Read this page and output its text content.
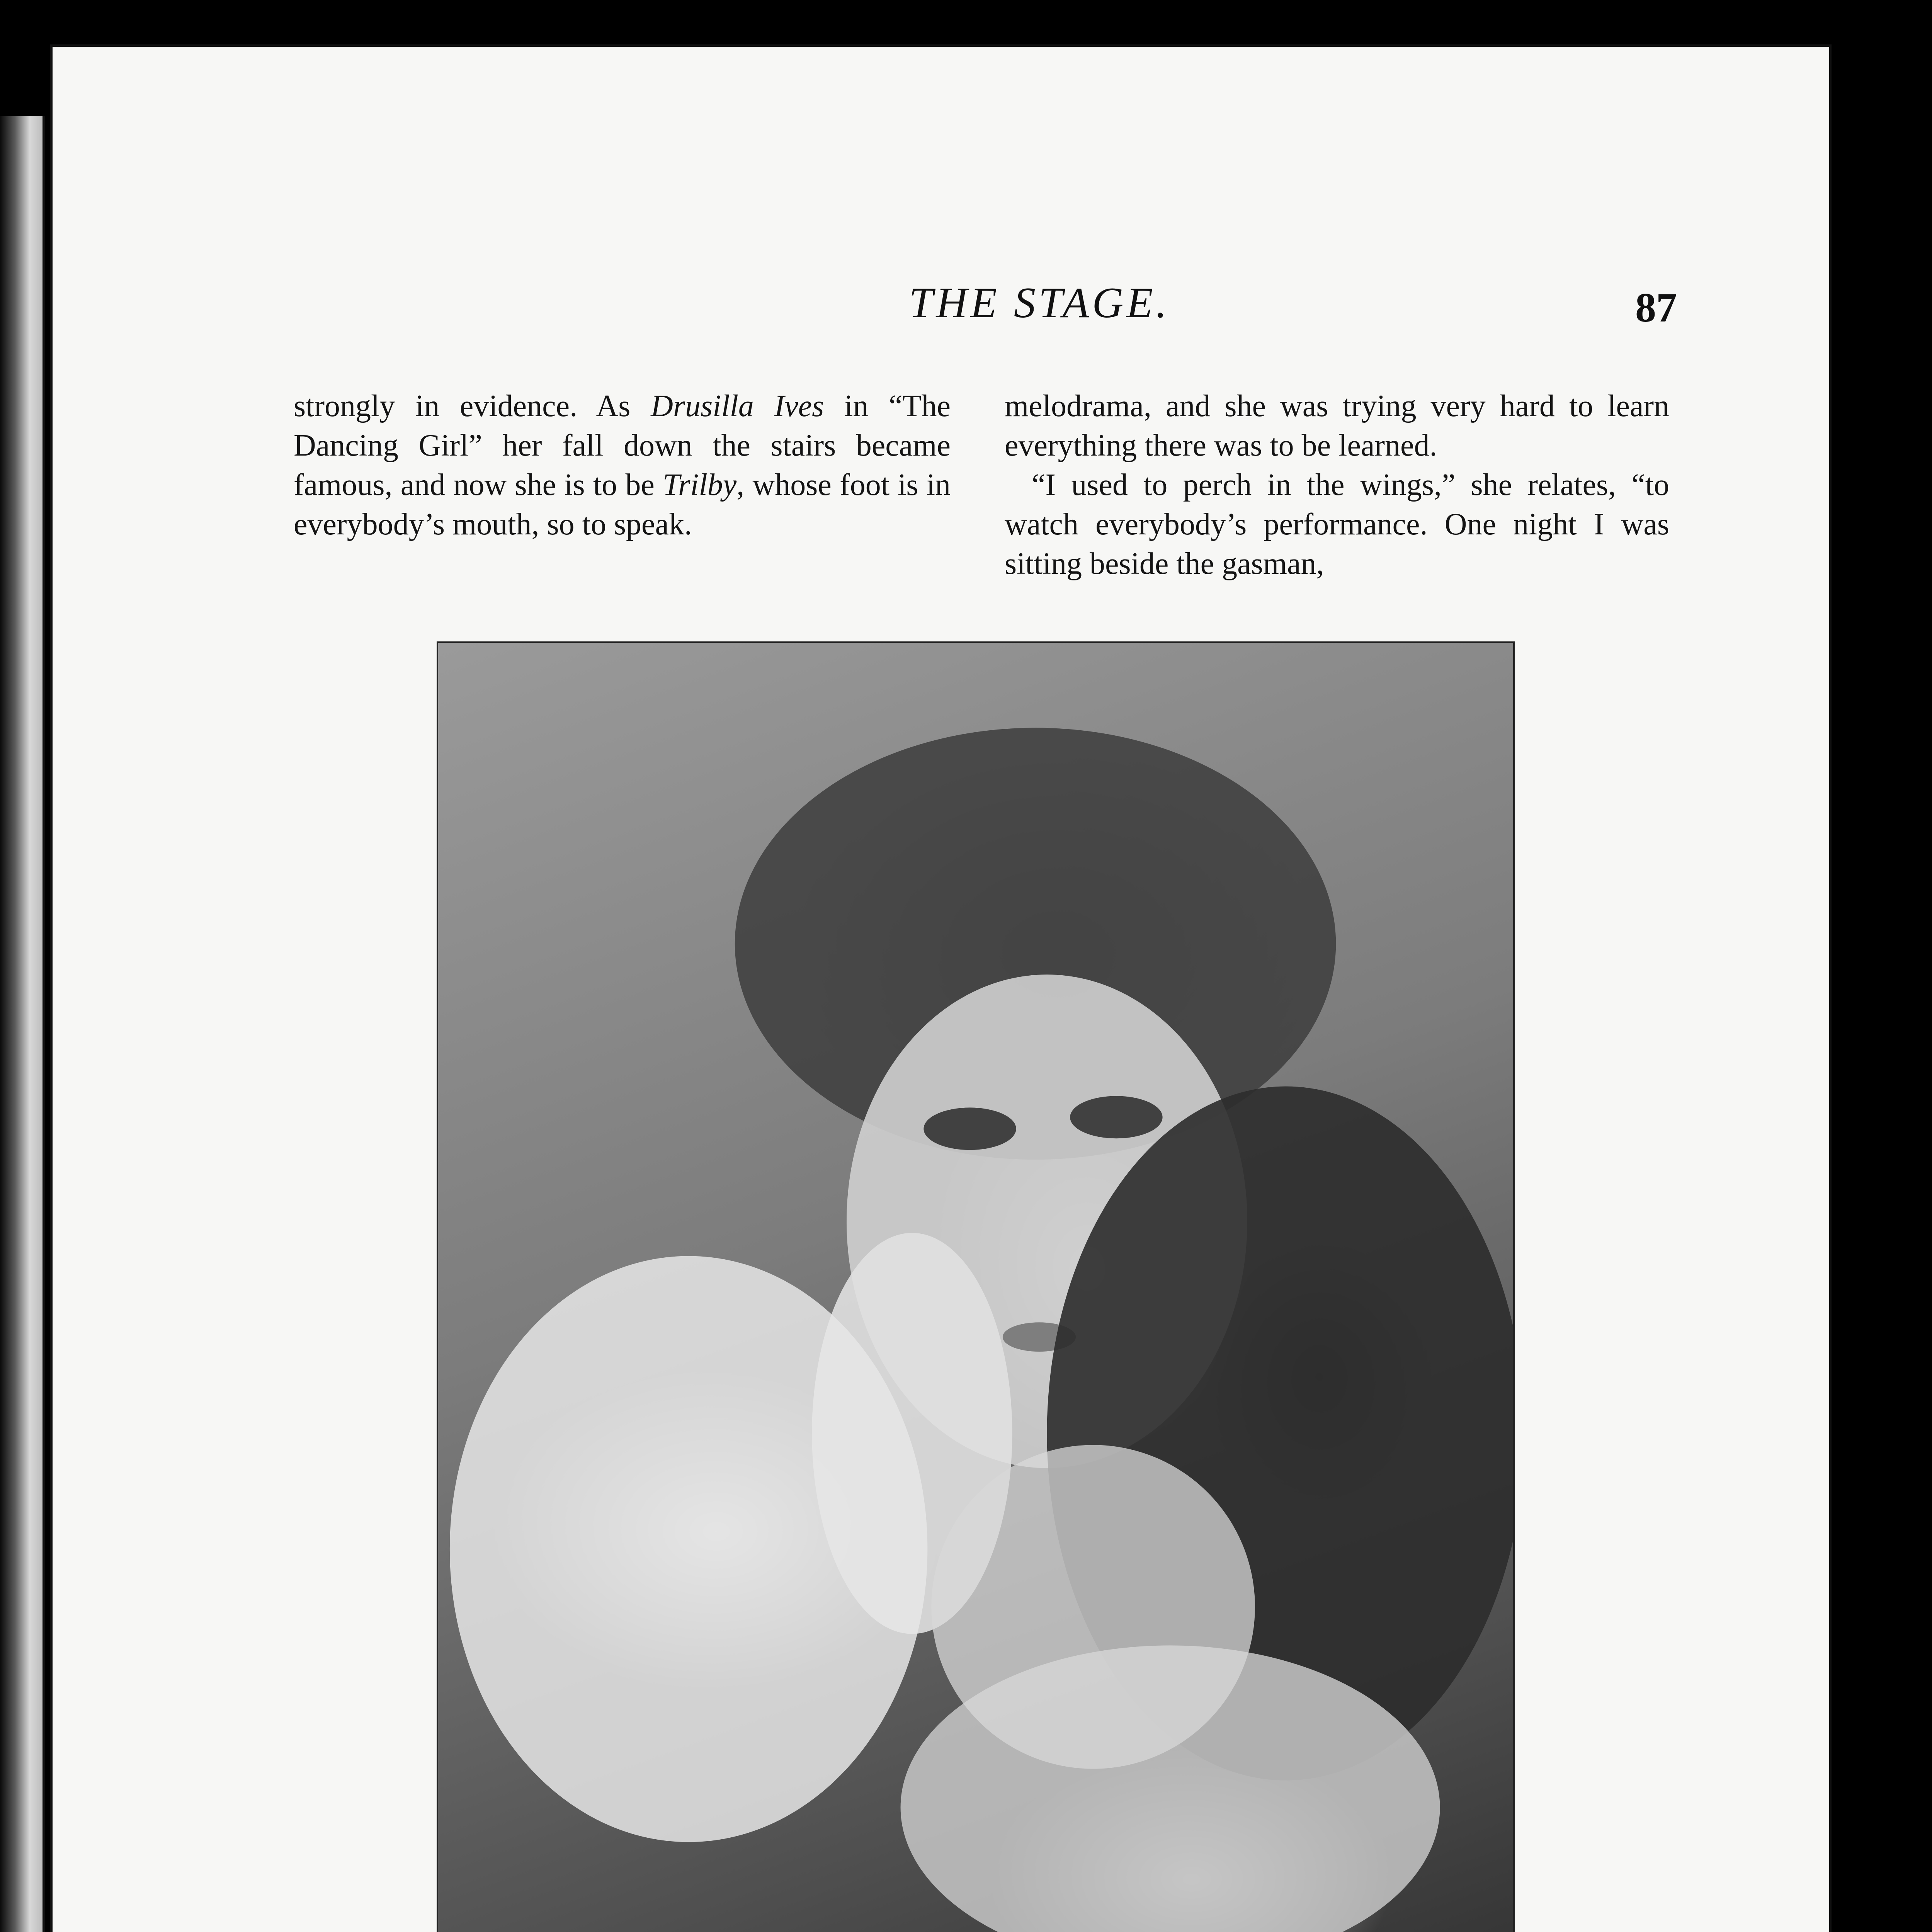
THE STAGE.	87

strongly in evidence. As Drusilla Ives in “The Dancing Girl” her fall down the stairs became famous, and now she is to be Trilby, whose foot is in everybody’s mouth, so to speak.

melodrama, and she was trying very hard to learn everything there was to be learned.

“I used to perch in the wings,” she relates, “to watch everybody’s performance. One night I was sitting beside the gasman,
